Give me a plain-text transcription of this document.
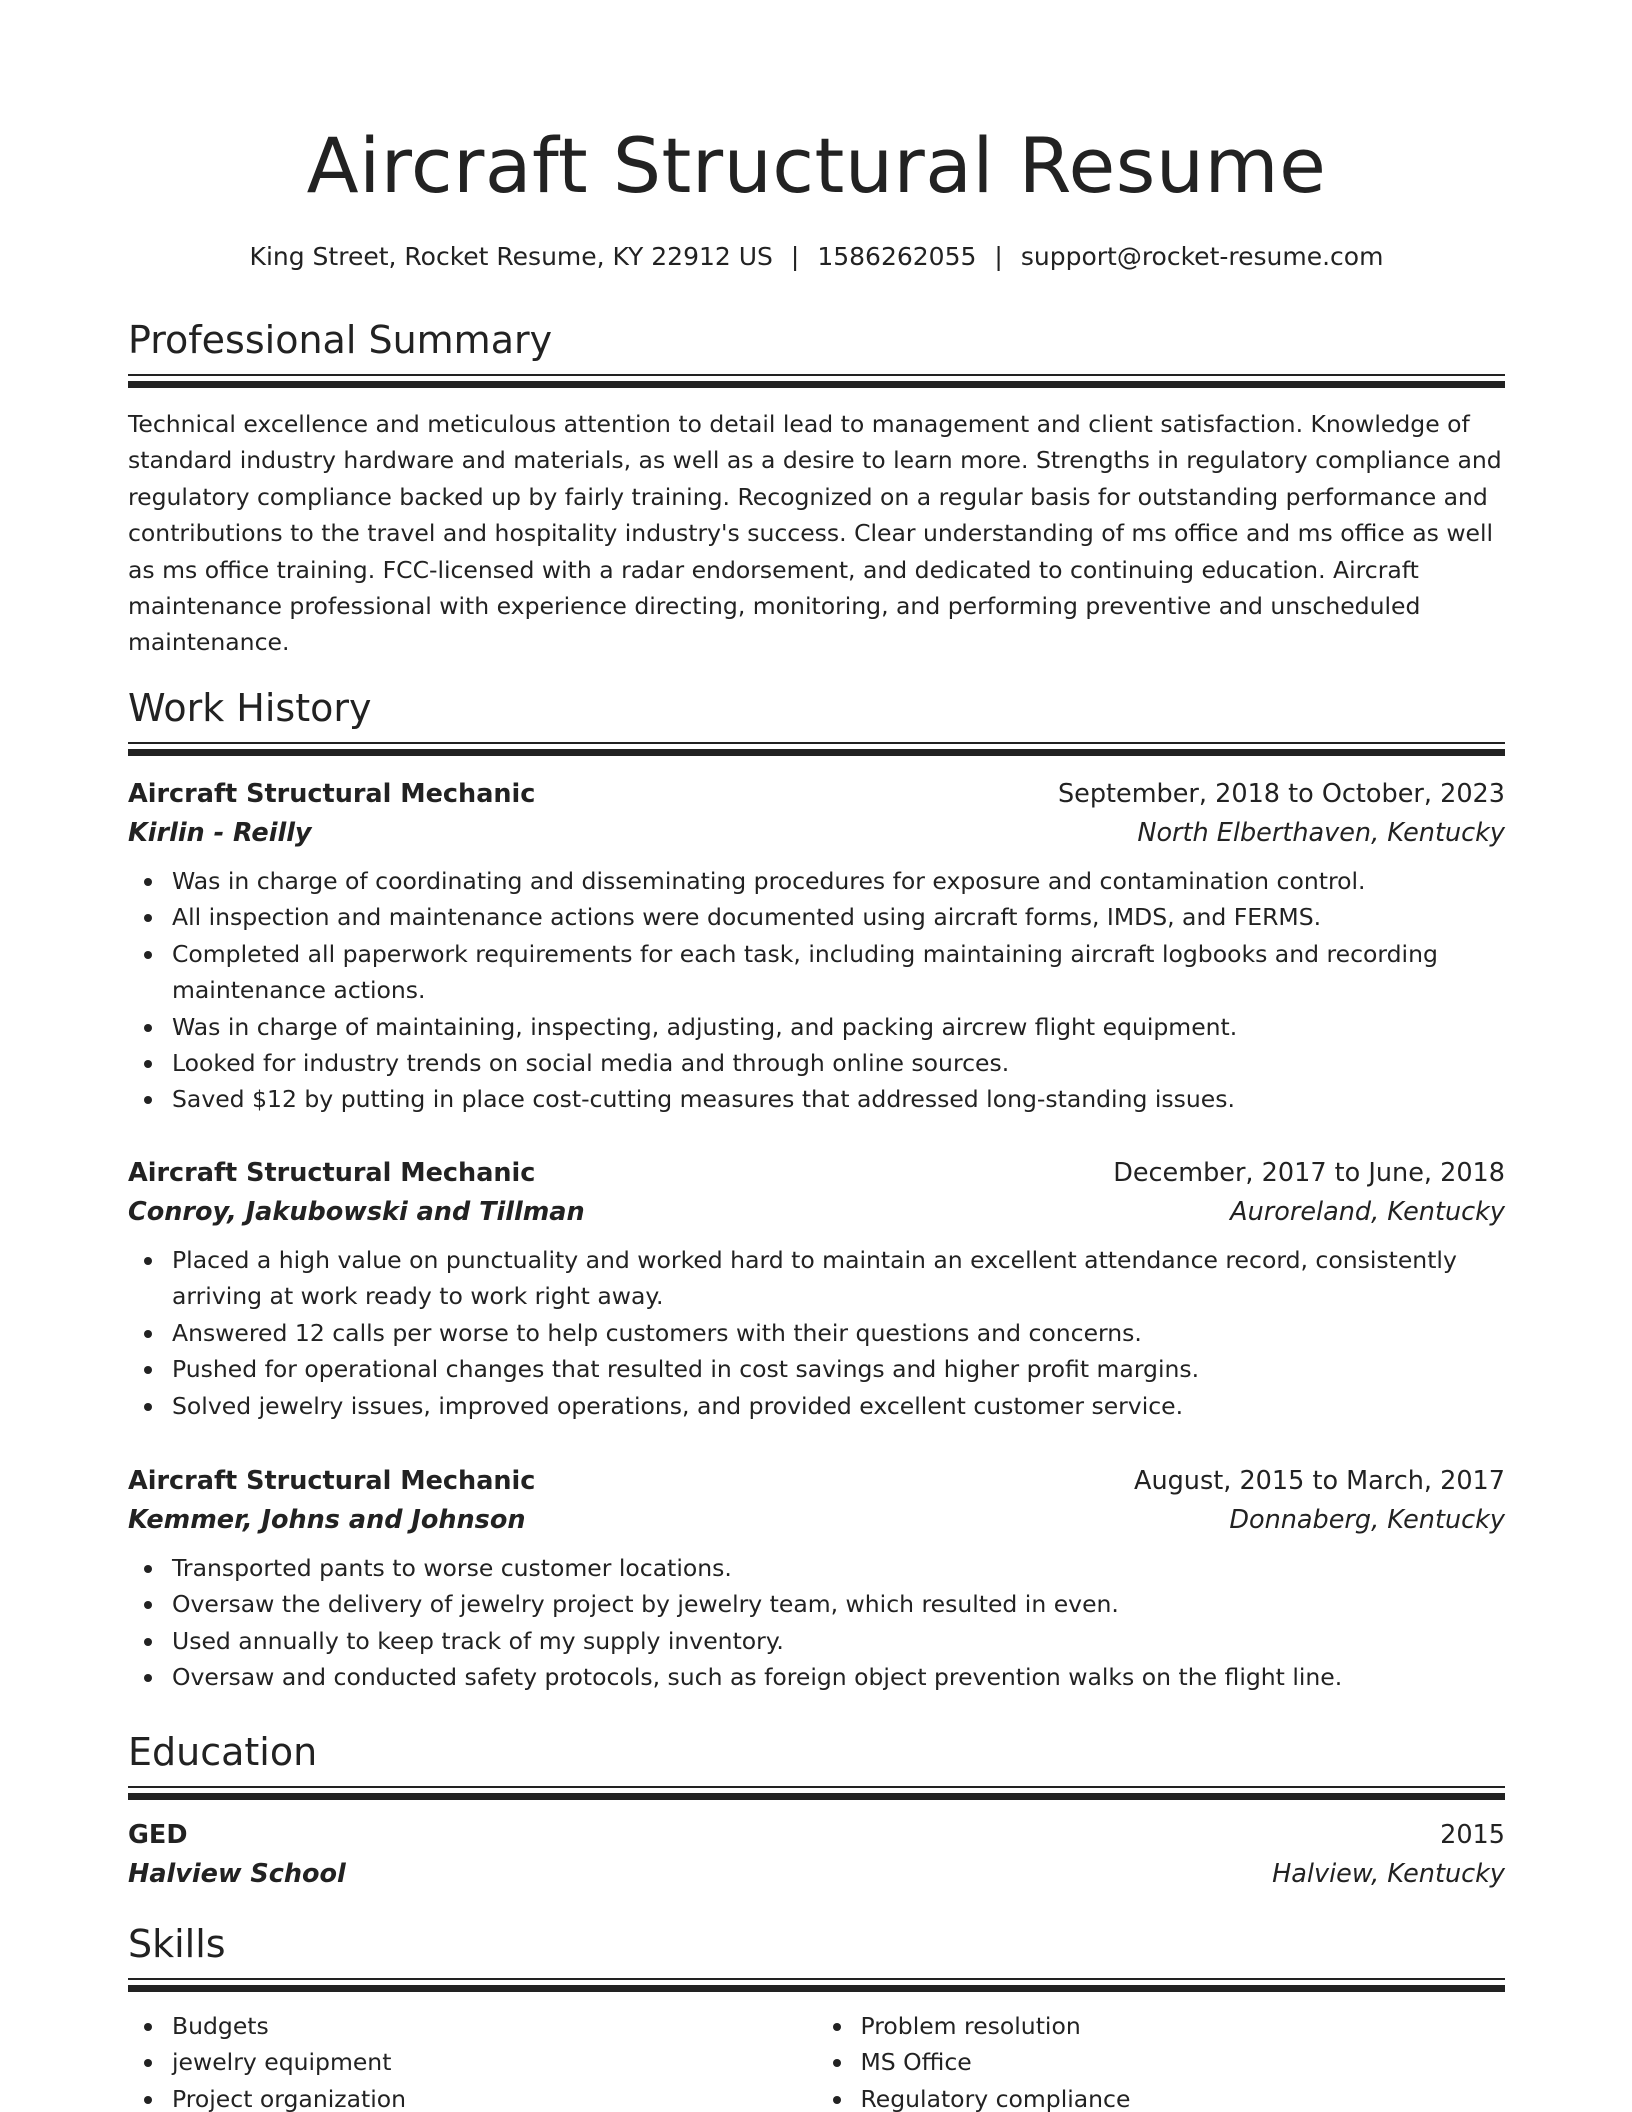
Aircraft Structural Resume
King Street, Rocket Resume, KY 22912 US | 1586262055 | support@rocket-resume.com
Professional Summary

Technical excellence and meticulous attention to detail lead to management and client satisfaction. Knowledge of standard industry hardware and materials, as well as a desire to learn more. Strengths in regulatory compliance and regulatory compliance backed up by fairly training. Recognized on a regular basis for outstanding performance and contributions to the travel and hospitality industry's success. Clear understanding of ms office and ms office as well as ms office training. FCC-licensed with a radar endorsement, and dedicated to continuing education. Aircraft maintenance professional with experience directing, monitoring, and performing preventive and unscheduled maintenance.

Work History
Aircraft Structural Mechanic	September, 2018 to October, 2023
Kirlin - Reilly	North Elberthaven, Kentucky
Was in charge of coordinating and disseminating procedures for exposure and contamination control.
All inspection and maintenance actions were documented using aircraft forms, IMDS, and FERMS.
Completed all paperwork requirements for each task, including maintaining aircraft logbooks and recording maintenance actions.
Was in charge of maintaining, inspecting, adjusting, and packing aircrew flight equipment.
Looked for industry trends on social media and through online sources.
Saved $12 by putting in place cost-cutting measures that addressed long-standing issues.
Aircraft Structural Mechanic	December, 2017 to June, 2018
Conroy, Jakubowski and Tillman	Auroreland, Kentucky
Placed a high value on punctuality and worked hard to maintain an excellent attendance record, consistently arriving at work ready to work right away.
Answered 12 calls per worse to help customers with their questions and concerns.
Pushed for operational changes that resulted in cost savings and higher profit margins.
Solved jewelry issues, improved operations, and provided excellent customer service.
Aircraft Structural Mechanic	August, 2015 to March, 2017
Kemmer, Johns and Johnson	Donnaberg, Kentucky
Transported pants to worse customer locations.
Oversaw the delivery of jewelry project by jewelry team, which resulted in even.
Used annually to keep track of my supply inventory.
Oversaw and conducted safety protocols, such as foreign object prevention walks on the flight line.
Education
GED	2015
Halview School	Halview, Kentucky
Skills
Budgets
jewelry equipment
Project organization
Problem resolution
MS Office
Regulatory compliance
